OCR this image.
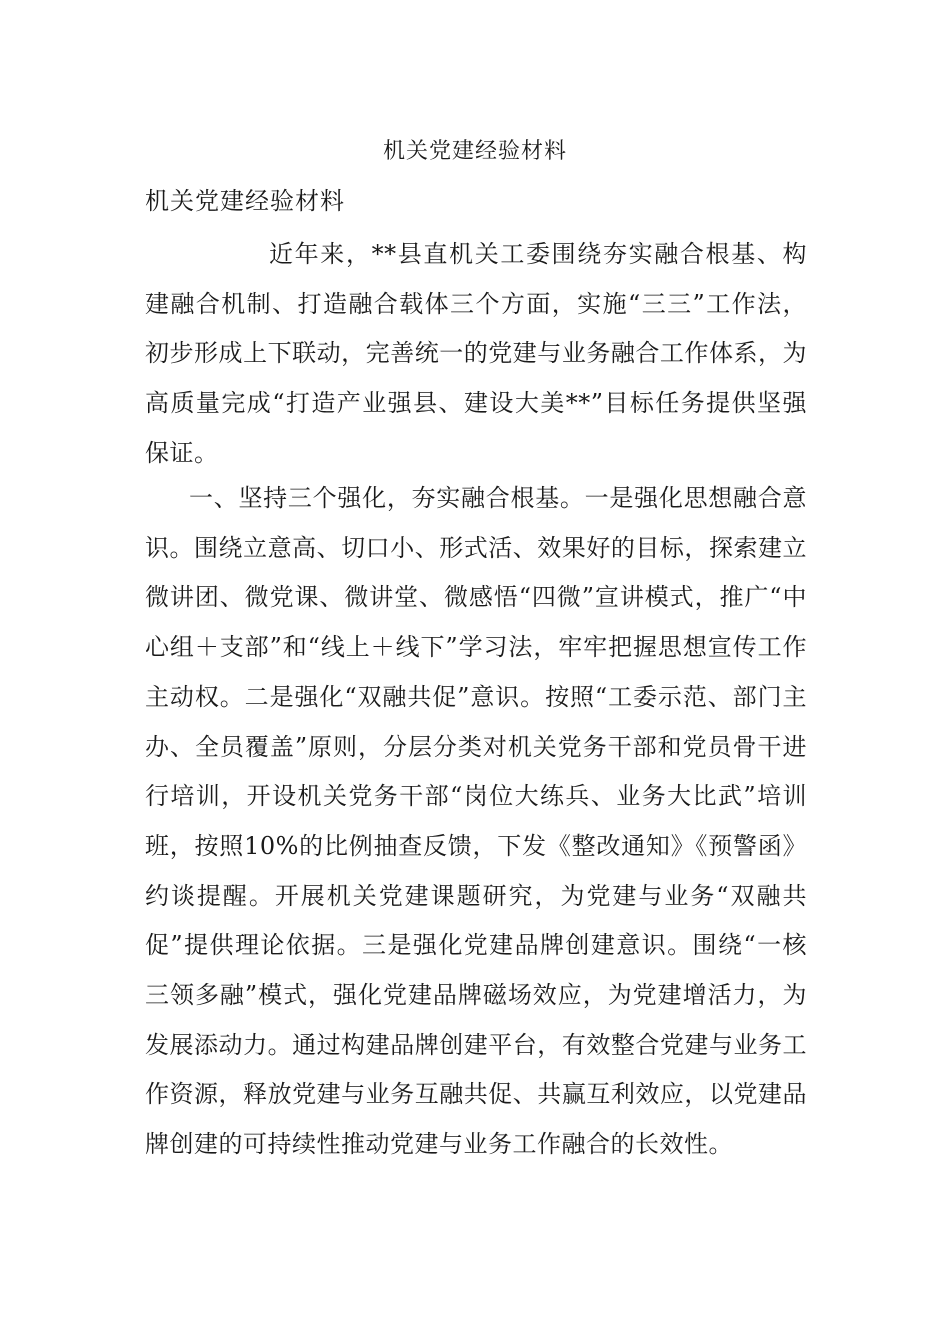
机关党建经验材料
机关党建经验材料

近年来，**县直机关工委围绕夯实融合根基、构建融合机制、打造融合载体三个方面，实施“三三”工作法，初步形成上下联动，完善统一的党建与业务融合工作体系，为高质量完成“打造产业强县、建设大美**”目标任务提供坚强保证。

一、坚持三个强化，夯实融合根基。一是强化思想融合意识。围绕立意高、切口小、形式活、效果好的目标，探索建立微讲团、微党课、微讲堂、微感悟“四微”宣讲模式，推广“中心组＋支部”和“线上＋线下”学习法，牢牢把握思想宣传工作主动权。二是强化“双融共促”意识。按照“工委示范、部门主办、全员覆盖”原则，分层分类对机关党务干部和党员骨干进行培训，开设机关党务干部“岗位大练兵、业务大比武”培训班，按照10%的比例抽查反馈，下发《整改通知》《预警函》约谈提醒。开展机关党建课题研究，为党建与业务“双融共促”提供理论依据。三是强化党建品牌创建意识。围绕“一核三领多融”模式，强化党建品牌磁场效应，为党建增活力，为发展添动力。通过构建品牌创建平台，有效整合党建与业务工作资源，释放党建与业务互融共促、共赢互利效应，以党建品牌创建的可持续性推动党建与业务工作融合的长效性。
